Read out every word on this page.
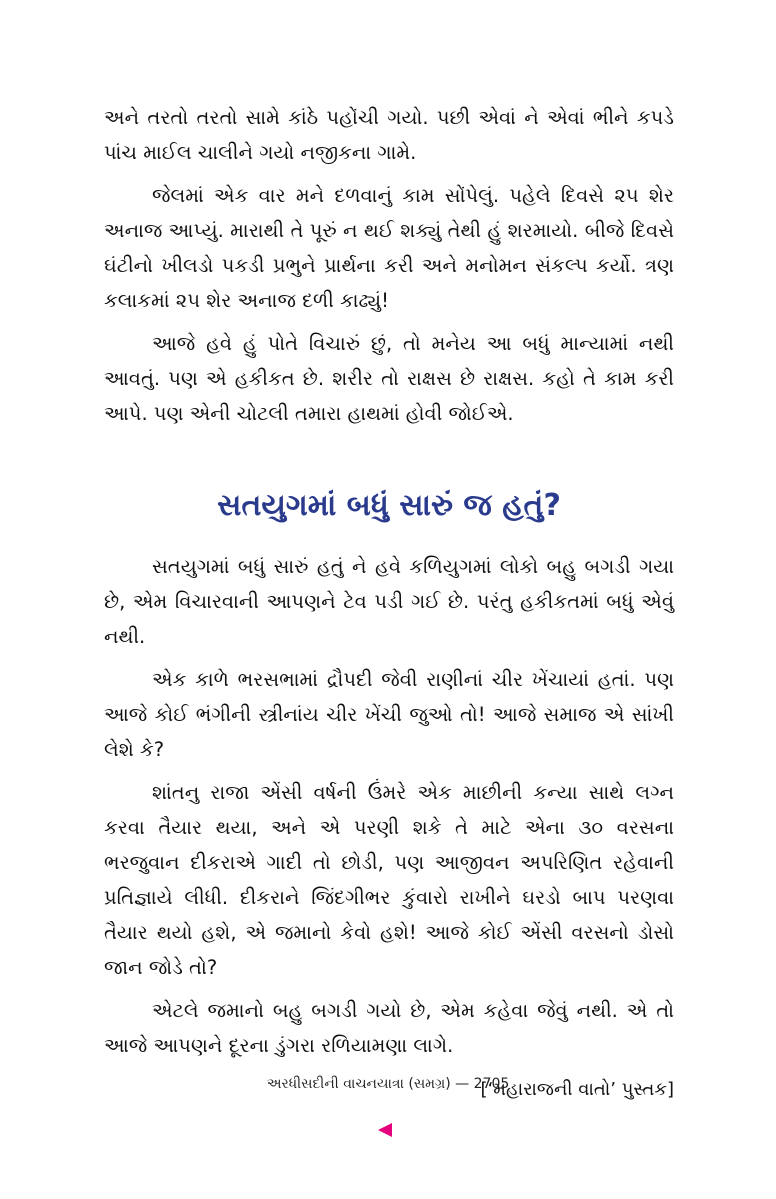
અને તરતો તરતો સામે કાંઠે પહોંચી ગયો. પછી એવાં ને એવાં ભીને કપડે પાંચ માઈલ ચાલીને ગયો નજીકના ગામે.

જેલમાં એક વાર મને દળવાનું કામ સોંપેલું. પહેલે દિવસે ૨૫ શેર અનાજ આપ્યું. મારાથી તે પૂરું ન થઈ શક્યું તેથી હું શરમાયો. બીજે દિવસે ઘંટીનો ખીલડો પકડી પ્રભુને પ્રાર્થના કરી અને મનોમન સંકલ્પ કર્યો. ત્રણ કલાકમાં ૨૫ શેર અનાજ દળી કાઢ્યું!

આજે હવે હું પોતે વિચારું છું, તો મનેય આ બધું માન્યામાં નથી આવતું. પણ એ હકીકત છે. શરીર તો રાક્ષસ છે રાક્ષસ. કહો તે કામ કરી આપે. પણ એની ચોટલી તમારા હાથમાં હોવી જોઈએ.

સતયુગમાં બધું સારું જ હતું?

સતયુગમાં બધું સારું હતું ને હવે કળિયુગમાં લોકો બહુ બગડી ગયા છે, એમ વિચારવાની આપણને ટેવ પડી ગઈ છે. પરંતુ હકીકતમાં બધું એવું નથી.

એક કાળે ભરસભામાં દ્રૌપદી જેવી રાણીનાં ચીર ખેંચાયાં હતાં. પણ આજે કોઈ ભંગીની સ્ત્રીનાંય ચીર ખેંચી જુઓ તો! આજે સમાજ એ સાંખી લેશે કે?

શાંતનુ રાજા એંસી વર્ષની ઉંમરે એક માછીની કન્યા સાથે લગ્ન કરવા તૈયાર થયા, અને એ પરણી શકે તે માટે એના ૩૦ વરસના ભરજુવાન દીકરાએ ગાદી તો છોડી, પણ આજીવન અપરિણિત રહેવાની પ્રતિજ્ઞાયે લીધી. દીકરાને જિંદગીભર કુંવારો રાખીને ઘરડો બાપ પરણવા તૈયાર થયો હશે, એ જમાનો કેવો હશે! આજે કોઈ એંસી વરસનો ડોસો જાન જોડે તો?

એટલે જમાનો બહુ બગડી ગયો છે, એમ કહેવા જેવું નથી. એ તો આજે આપણને દૂરના ડુંગરા રળિયામણા લાગે.

[‘મહારાજની વાતો’ પુસ્તક]
અરધીસદીની વાચનયાત્રા (સમગ્ર) — 2705
